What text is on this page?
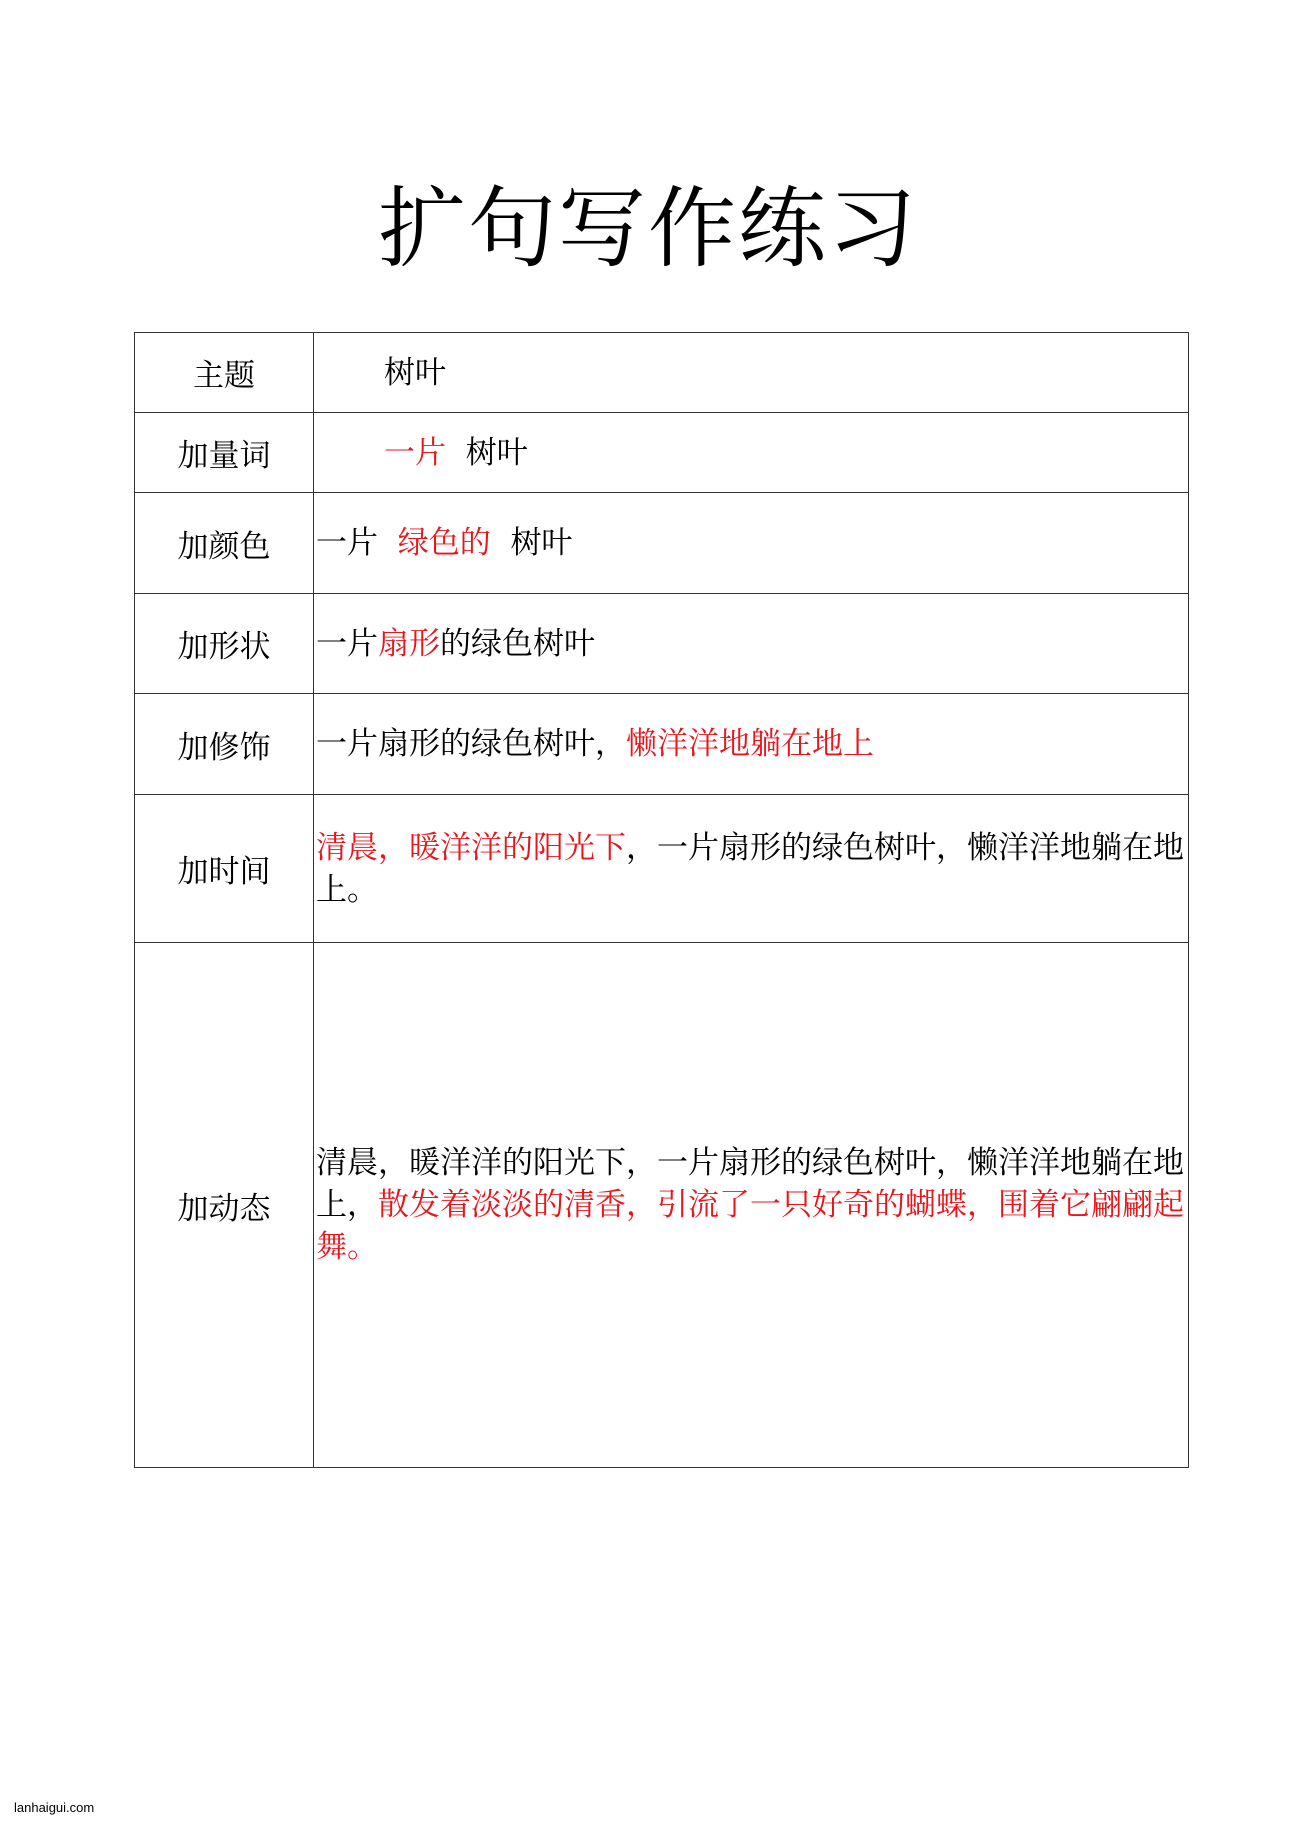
扩句写作练习
主题	树叶
加量词	一片 树叶
加颜色	一片 绿色的 树叶
加形状	一片扇形的绿色树叶
加修饰	一片扇形的绿色树叶，懒洋洋地躺在地上
加时间	清晨，暖洋洋的阳光下，一片扇形的绿色树叶，懒洋洋地躺在地上。
加动态	清晨，暖洋洋的阳光下，一片扇形的绿色树叶，懒洋洋地躺在地上，散发着淡淡的清香，引流了一只好奇的蝴蝶，围着它翩翩起舞。
lanhaigui.com
